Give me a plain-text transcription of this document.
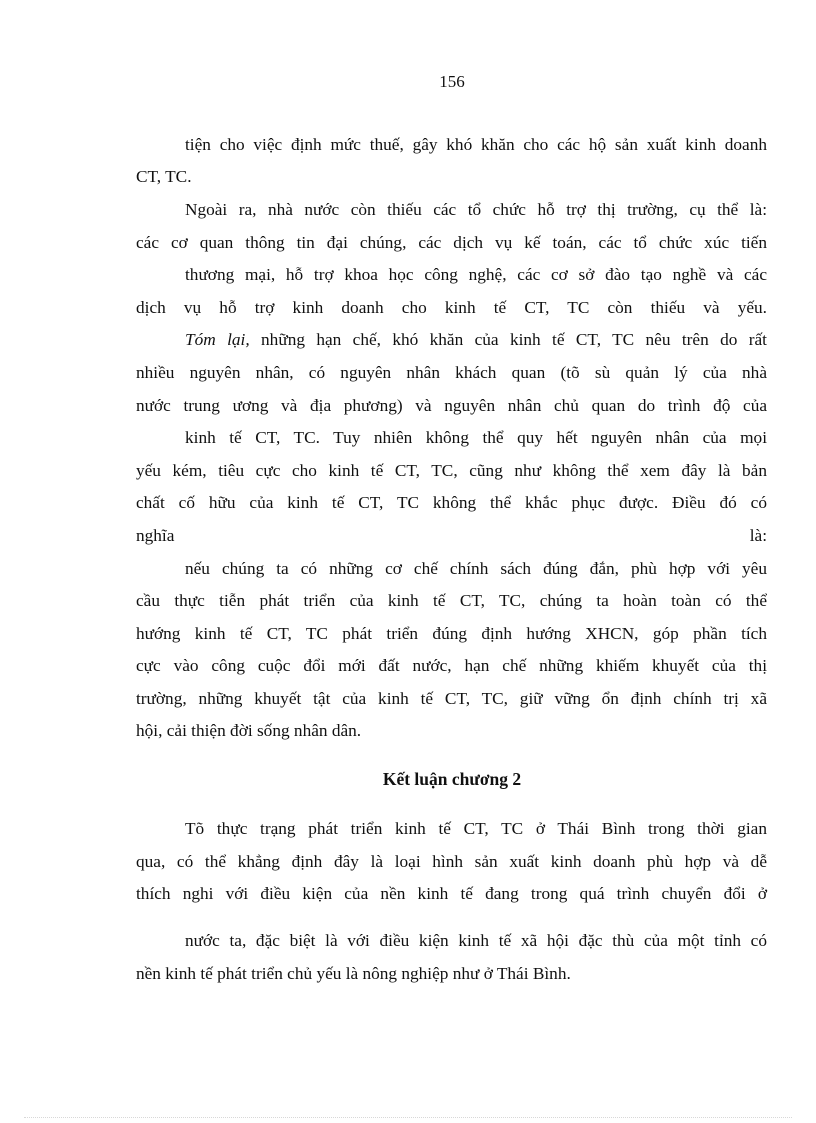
156
tiện cho việc định mức thuế, gây khó khăn cho các hộ sản xuất kinh doanh
CT, TC.
Ngoài ra, nhà nước còn thiếu các tổ chức hỗ trợ thị trường, cụ thể là:
các cơ quan thông tin đại chúng, các dịch vụ kế toán, các tổ chức xúc tiến
thương mại, hỗ trợ khoa học công nghệ, các cơ sở đào tạo nghề và các
dịch vụ hỗ trợ kinh doanh cho kinh tế CT, TC còn thiếu và yếu.
Tóm lại, những hạn chế, khó khăn của kinh tế CT, TC nêu trên do rất
nhiều nguyên nhân, có nguyên nhân khách quan (tõ sù quản lý của nhà
nước trung ương và địa phương) và nguyên nhân chủ quan do trình độ của
kinh tế CT, TC. Tuy nhiên không thể quy hết nguyên nhân của mọi
yếu kém, tiêu cực cho kinh tế CT, TC, cũng như không thể xem đây là bản
chất cố hữu của kinh tế CT, TC không thể khắc phục được. Điều đó có
nghĩa                                                                                              là:
nếu chúng ta có những cơ chế chính sách đúng đắn, phù hợp với yêu
cầu thực tiễn phát triển của kinh tế CT, TC, chúng ta hoàn toàn có thể
hướng kinh tế CT, TC phát triển đúng định hướng XHCN, góp phần tích
cực vào công cuộc đổi mới đất nước, hạn chế những khiếm khuyết của thị
trường, những khuyết tật của kinh tế CT, TC, giữ vững ổn định chính trị xã
hội, cải thiện đời sống nhân dân.
Kết luận chương 2
Tõ thực trạng phát triển kinh tế CT, TC ở Thái Bình trong thời gian
qua, có thể khẳng định đây là loại hình sản xuất kinh doanh phù hợp và dễ
thích nghi với điều kiện của nền kinh tế đang trong quá trình chuyển đổi ở
nước ta, đặc biệt là với điều kiện kinh tế xã hội đặc thù của một tỉnh có
nền kinh tế phát triển chủ yếu là nông nghiệp như ở Thái Bình.
